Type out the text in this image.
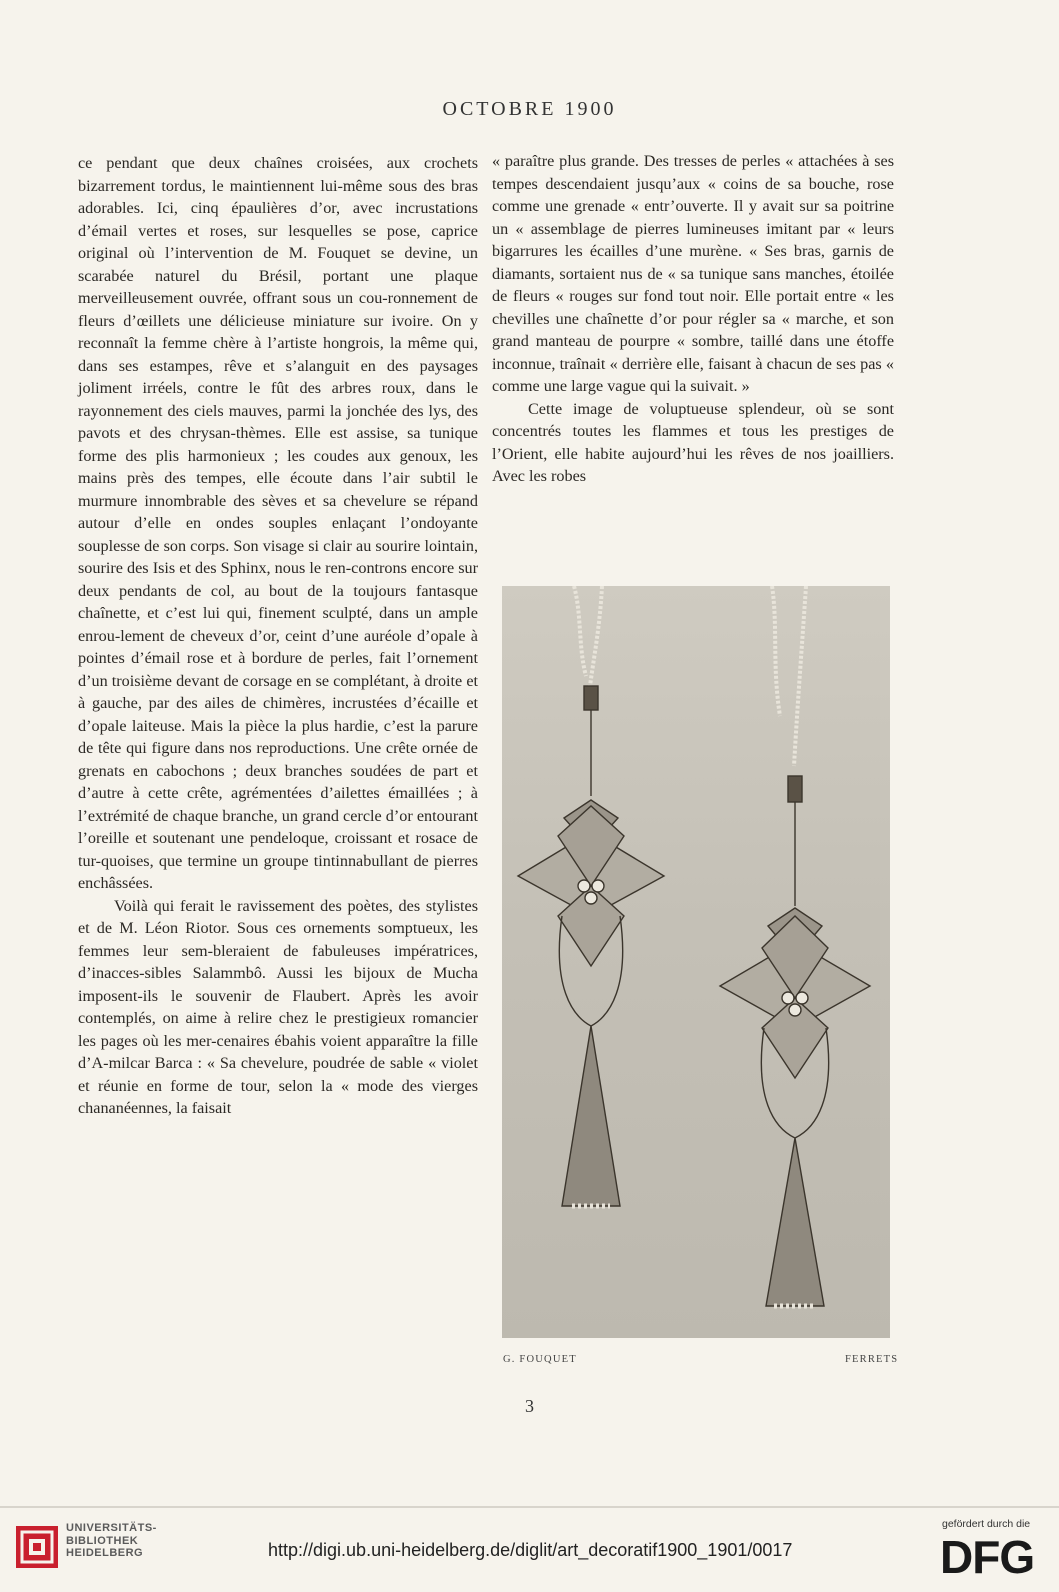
OCTOBRE 1900

ce pendant que deux chaînes croisées, aux crochets bizarrement tordus, le maintiennent lui-même sous des bras adorables. Ici, cinq épaulières d’or, avec incrustations d’émail vertes et roses, sur lesquelles se pose, caprice original où l’intervention de M. Fouquet se devine, un scarabée naturel du Brésil, portant une plaque merveilleusement ouvrée, offrant sous un cou-ronnement de fleurs d’œillets une délicieuse miniature sur ivoire. On y reconnaît la femme chère à l’artiste hongrois, la même qui, dans ses estampes, rêve et s’alanguit en des paysages joliment irréels, contre le fût des arbres roux, dans le rayonnement des ciels mauves, parmi la jonchée des lys, des pavots et des chrysan-thèmes. Elle est assise, sa tunique forme des plis harmonieux ; les coudes aux genoux, les mains près des tempes, elle écoute dans l’air subtil le murmure innombrable des sèves et sa chevelure se répand autour d’elle en ondes souples enlaçant l’ondoyante souplesse de son corps. Son visage si clair au sourire lointain, sourire des Isis et des Sphinx, nous le ren-controns encore sur deux pendants de col, au bout de la toujours fantasque chaînette, et c’est lui qui, finement sculpté, dans un ample enrou-lement de cheveux d’or, ceint d’une auréole d’opale à pointes d’émail rose et à bordure de perles, fait l’ornement d’un troisième devant de corsage en se complétant, à droite et à gauche, par des ailes de chimères, incrustées d’écaille et d’opale laiteuse. Mais la pièce la plus hardie, c’est la parure de tête qui figure dans nos reproductions. Une crête ornée de grenats en cabochons ; deux branches soudées de part et d’autre à cette crête, agrémentées d’ailettes émaillées ; à l’extrémité de chaque branche, un grand cercle d’or entourant l’oreille et soutenant une pendeloque, croissant et rosace de tur-quoises, que termine un groupe tintinnabullant de pierres enchâssées.

Voilà qui ferait le ravissement des poètes, des stylistes et de M. Léon Riotor. Sous ces ornements somptueux, les femmes leur sem-bleraient de fabuleuses impératrices, d’inacces-sibles Salammbô. Aussi les bijoux de Mucha imposent-ils le souvenir de Flaubert. Après les avoir contemplés, on aime à relire chez le prestigieux romancier les pages où les mer-cenaires ébahis voient apparaître la fille d’A-milcar Barca : « Sa chevelure, poudrée de sable « violet et réunie en forme de tour, selon la « mode des vierges chananéennes, la faisait

« paraître plus grande. Des tresses de perles « attachées à ses tempes descendaient jusqu’aux « coins de sa bouche, rose comme une grenade « entr’ouverte. Il y avait sur sa poitrine un « assemblage de pierres lumineuses imitant par « leurs bigarrures les écailles d’une murène. « Ses bras, garnis de diamants, sortaient nus de « sa tunique sans manches, étoilée de fleurs « rouges sur fond tout noir. Elle portait entre « les chevilles une chaînette d’or pour régler sa « marche, et son grand manteau de pourpre « sombre, taillé dans une étoffe inconnue, traînait « derrière elle, faisant à chacun de ses pas « comme une large vague qui la suivait. »

Cette image de voluptueuse splendeur, où se sont concentrés toutes les flammes et tous les prestiges de l’Orient, elle habite aujourd’hui les rêves de nos joailliers. Avec les robes

G. FOUQUET	FERRETS
3
UNIVERSITÄTS-
BIBLIOTHEK
HEIDELBERG	http://digi.ub.uni-heidelberg.de/diglit/art_decoratif1900_1901/0017
gefördert durch die
DFG
